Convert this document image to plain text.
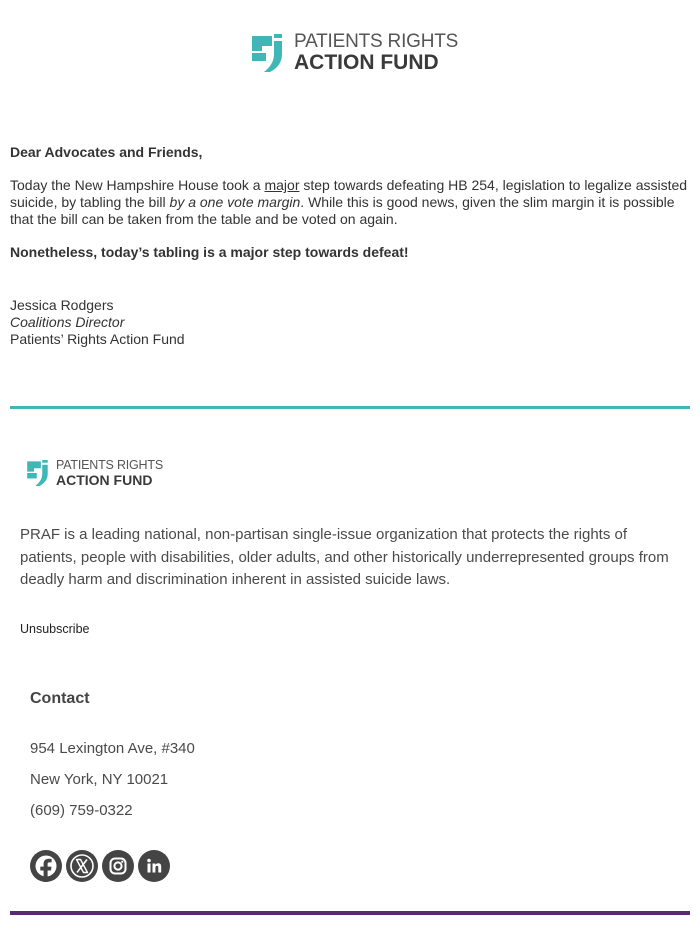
PATIENTS RIGHTS
ACTION FUND

Dear Advocates and Friends,

Today the New Hampshire House took a major step towards defeating HB 254, legislation to legalize assisted suicide, by tabling the bill by a one vote margin. While this is good news, given the slim margin it is possible that the bill can be taken from the table and be voted on again.

Nonetheless, today’s tabling is a major step towards defeat!

Jessica Rodgers
Coalitions Director
Patients’ Rights Action Fund
PATIENTS RIGHTS
ACTION FUND

PRAF is a leading national, non-partisan single-issue organization that protects the rights of patients, people with disabilities, older adults, and other historically underrepresented groups from deadly harm and discrimination inherent in assisted suicide laws.

Unsubscribe
Contact

954 Lexington Ave, #340

New York, NY 10021

(609) 759-0322
